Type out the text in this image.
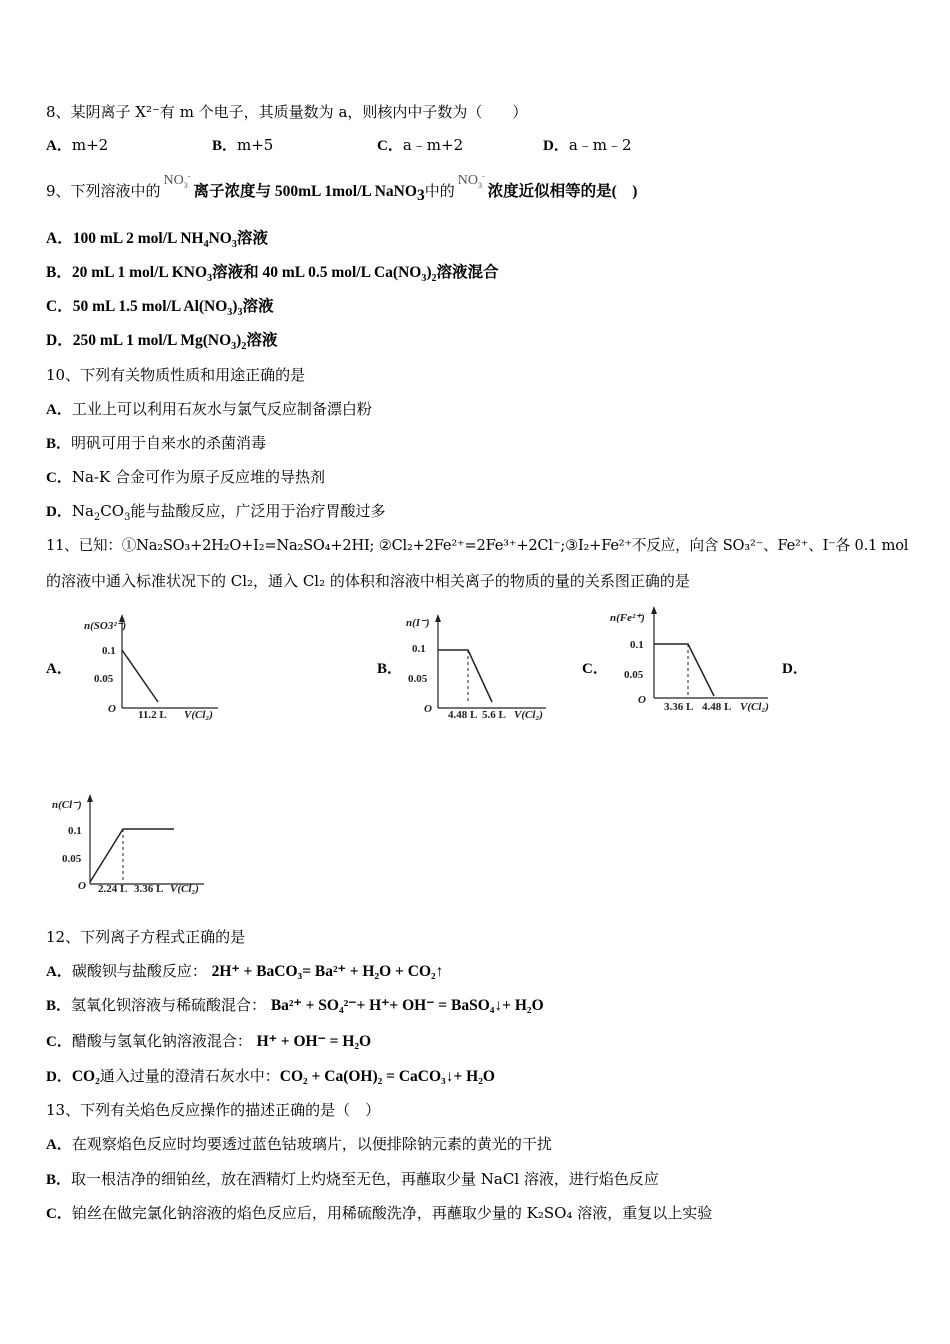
8、某阴离子 X²⁻有 m 个电子，其质量数为 a，则核内中子数为（　　）
A．m+2	B．m+5	C．a﹣m+2	D．a﹣m﹣2
9、下列溶液中的$NO_3^-$离子浓度与 500mL 1mol/L NaNO$_3$中的$NO_3^-$浓度近似相等的是(　)
A．100 mL 2 mol/L $NH_4NO_3$溶液
B．20 mL 1 mol/L $KNO_3$溶液和 40 mL 0.5 mol/L $Ca(NO_3)_2$溶液混合
C．50 mL 1.5 mol/L $Al(NO_3)_3$溶液
D．250 mL 1 mol/L $Mg(NO_3)_2$溶液
10、下列有关物质性质和用途正确的是
A．工业上可以利用石灰水与氯气反应制备漂白粉
B．明矾可用于自来水的杀菌消毒
C．Na-K 合金可作为原子反应堆的导热剂
D．$Na_2CO_3$能与盐酸反应，广泛用于治疗胃酸过多
11、已知：①Na₂SO₃+2H₂O+I₂=Na₂SO₄+2HI; ②Cl₂+2Fe²⁺=2Fe³⁺+2Cl⁻;③I₂+Fe²⁺不反应，向含 SO₃²⁻、Fe²⁺、I⁻各 0.1 mol
的溶液中通入标准状况下的 Cl₂，通入 Cl₂ 的体积和溶液中相关离子的物质的量的关系图正确的是
A．
n(SO3²⁻)
0.1
0.05
O 11.2 L V(Cl₂)
B．
n(I⁻)
0.1
0.05
O 4.48 L 5.6 L V(Cl₂)
C．
n(Fe²⁺)
0.1
0.05
O
3.36 L 4.48 L V(Cl₂)
D．
n(Cl⁻)
0.1
0.05
O 2.24 L 3.36 L V(Cl₂)
12、下列离子方程式正确的是
A．碳酸钡与盐酸反应： 2H⁺ + BaCO₃= Ba²⁺ + H₂O + CO₂↑
B．氢氧化钡溶液与稀硫酸混合： Ba²⁺ + SO₄²⁻+ H⁺+ OH⁻ = BaSO₄↓+ H₂O
C．醋酸与氢氧化钠溶液混合： H⁺ + OH⁻ = H₂O
D．CO₂通入过量的澄清石灰水中：CO₂ + Ca(OH)₂ = CaCO₃↓+ H₂O
13、下列有关焰色反应操作的描述正确的是（　）
A．在观察焰色反应时均要透过蓝色钴玻璃片，以便排除钠元素的黄光的干扰
B．取一根洁净的细铂丝，放在酒精灯上灼烧至无色，再蘸取少量 NaCl 溶液，进行焰色反应
C．铂丝在做完氯化钠溶液的焰色反应后，用稀硫酸洗净，再蘸取少量的 K₂SO₄ 溶液，重复以上实验
